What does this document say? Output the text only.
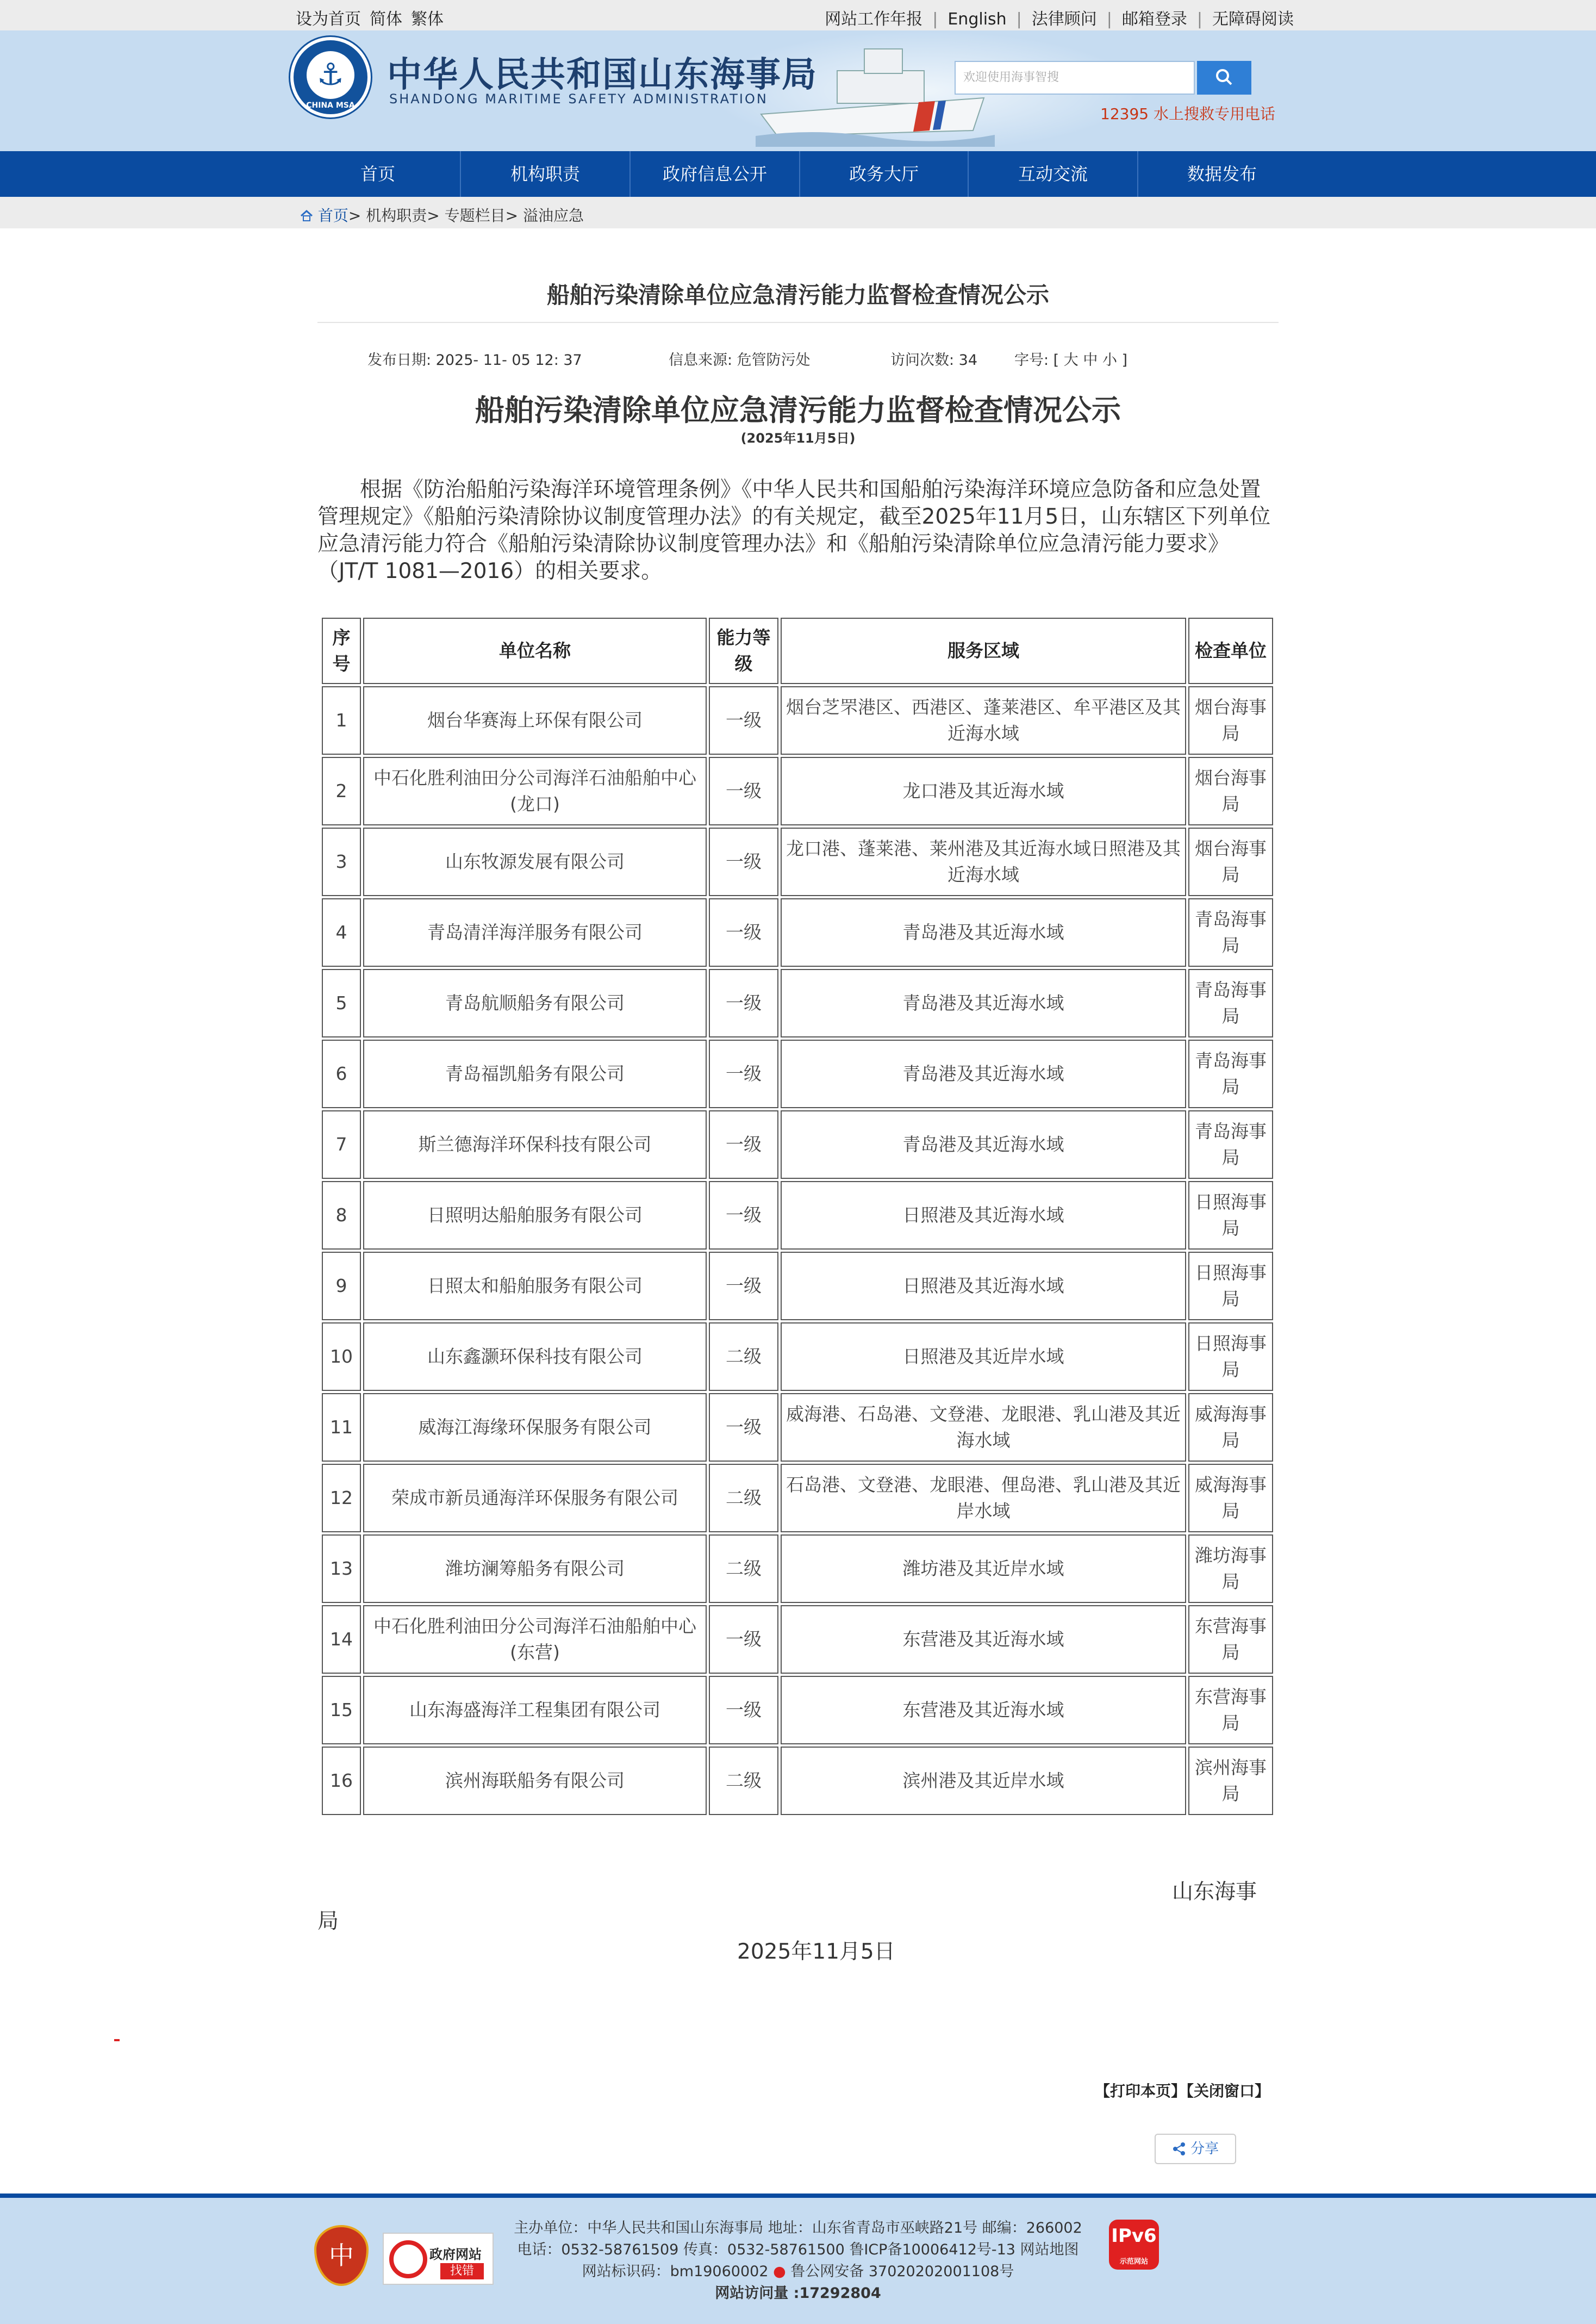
设为首页 简体 繁体	网站工作年报 | English | 法律顾问 | 邮箱登录 | 无障碍阅读
⚓
CHINA MSA
中华人民共和国山东海事局
SHANDONG MARITIME SAFETY ADMINISTRATION
欢迎使用海事智搜
12395 水上搜救专用电话
首页	机构职责	政府信息公开	政务大厅	互动交流	数据发布
首页> 机构职责> 专题栏目> 溢油应急
船舶污染清除单位应急清污能力监督检查情况公示
发布日期: 2025- 11- 05 12: 37	信息来源: 危管防污处	访问次数: 34	字号: [ 大 中 小 ]
船舶污染清除单位应急清污能力监督检查情况公示
(2025年11月5日)
根据《防治船舶污染海洋环境管理条例》《中华人民共和国船舶污染海洋环境应急防备和应急处置管理规定》《船舶污染清除协议制度管理办法》的有关规定，截至2025年11月5日，山东辖区下列单位应急清污能力符合《船舶污染清除协议制度管理办法》和《船舶污染清除单位应急清污能力要求》（JT/T 1081—2016）的相关要求。
序号	单位名称	能力等级	服务区域	检查单位
1	烟台华赛海上环保有限公司	一级	烟台芝罘港区、西港区、蓬莱港区、牟平港区及其近海水域	烟台海事局
2	中石化胜利油田分公司海洋石油船舶中心(龙口)	一级	龙口港及其近海水域	烟台海事局
3	山东牧源发展有限公司	一级	龙口港、蓬莱港、莱州港及其近海水域日照港及其近海水域	烟台海事局
4	青岛清洋海洋服务有限公司	一级	青岛港及其近海水域	青岛海事局
5	青岛航顺船务有限公司	一级	青岛港及其近海水域	青岛海事局
6	青岛福凯船务有限公司	一级	青岛港及其近海水域	青岛海事局
7	斯兰德海洋环保科技有限公司	一级	青岛港及其近海水域	青岛海事局
8	日照明达船舶服务有限公司	一级	日照港及其近海水域	日照海事局
9	日照太和船舶服务有限公司	一级	日照港及其近海水域	日照海事局
10	山东鑫灏环保科技有限公司	二级	日照港及其近岸水域	日照海事局
11	威海江海缘环保服务有限公司	一级	威海港、石岛港、文登港、龙眼港、乳山港及其近海水域	威海海事局
12	荣成市新员通海洋环保服务有限公司	二级	石岛港、文登港、龙眼港、俚岛港、乳山港及其近岸水域	威海海事局
13	潍坊澜筹船务有限公司	二级	潍坊港及其近岸水域	潍坊海事局
14	中石化胜利油田分公司海洋石油船舶中心(东营)	一级	东营港及其近海水域	东营海事局
15	山东海盛海洋工程集团有限公司	一级	东营港及其近海水域	东营海事局
16	滨州海联船务有限公司	二级	滨州港及其近岸水域	滨州海事局
山东海事
局
2025年11月5日
【打印本页】【关闭窗口】
分享
主办单位：中华人民共和国山东海事局 地址：山东省青岛市巫峡路21号 邮编：266002
电话：0532-58761509 传真：0532-58761500 鲁ICP备10006412号-13 网站地图
网站标识码：bm19060002 ● 鲁公网安备 37020202001108号
网站访问量 :17292804
中	政府网站
找错
IPv6
示范网站
